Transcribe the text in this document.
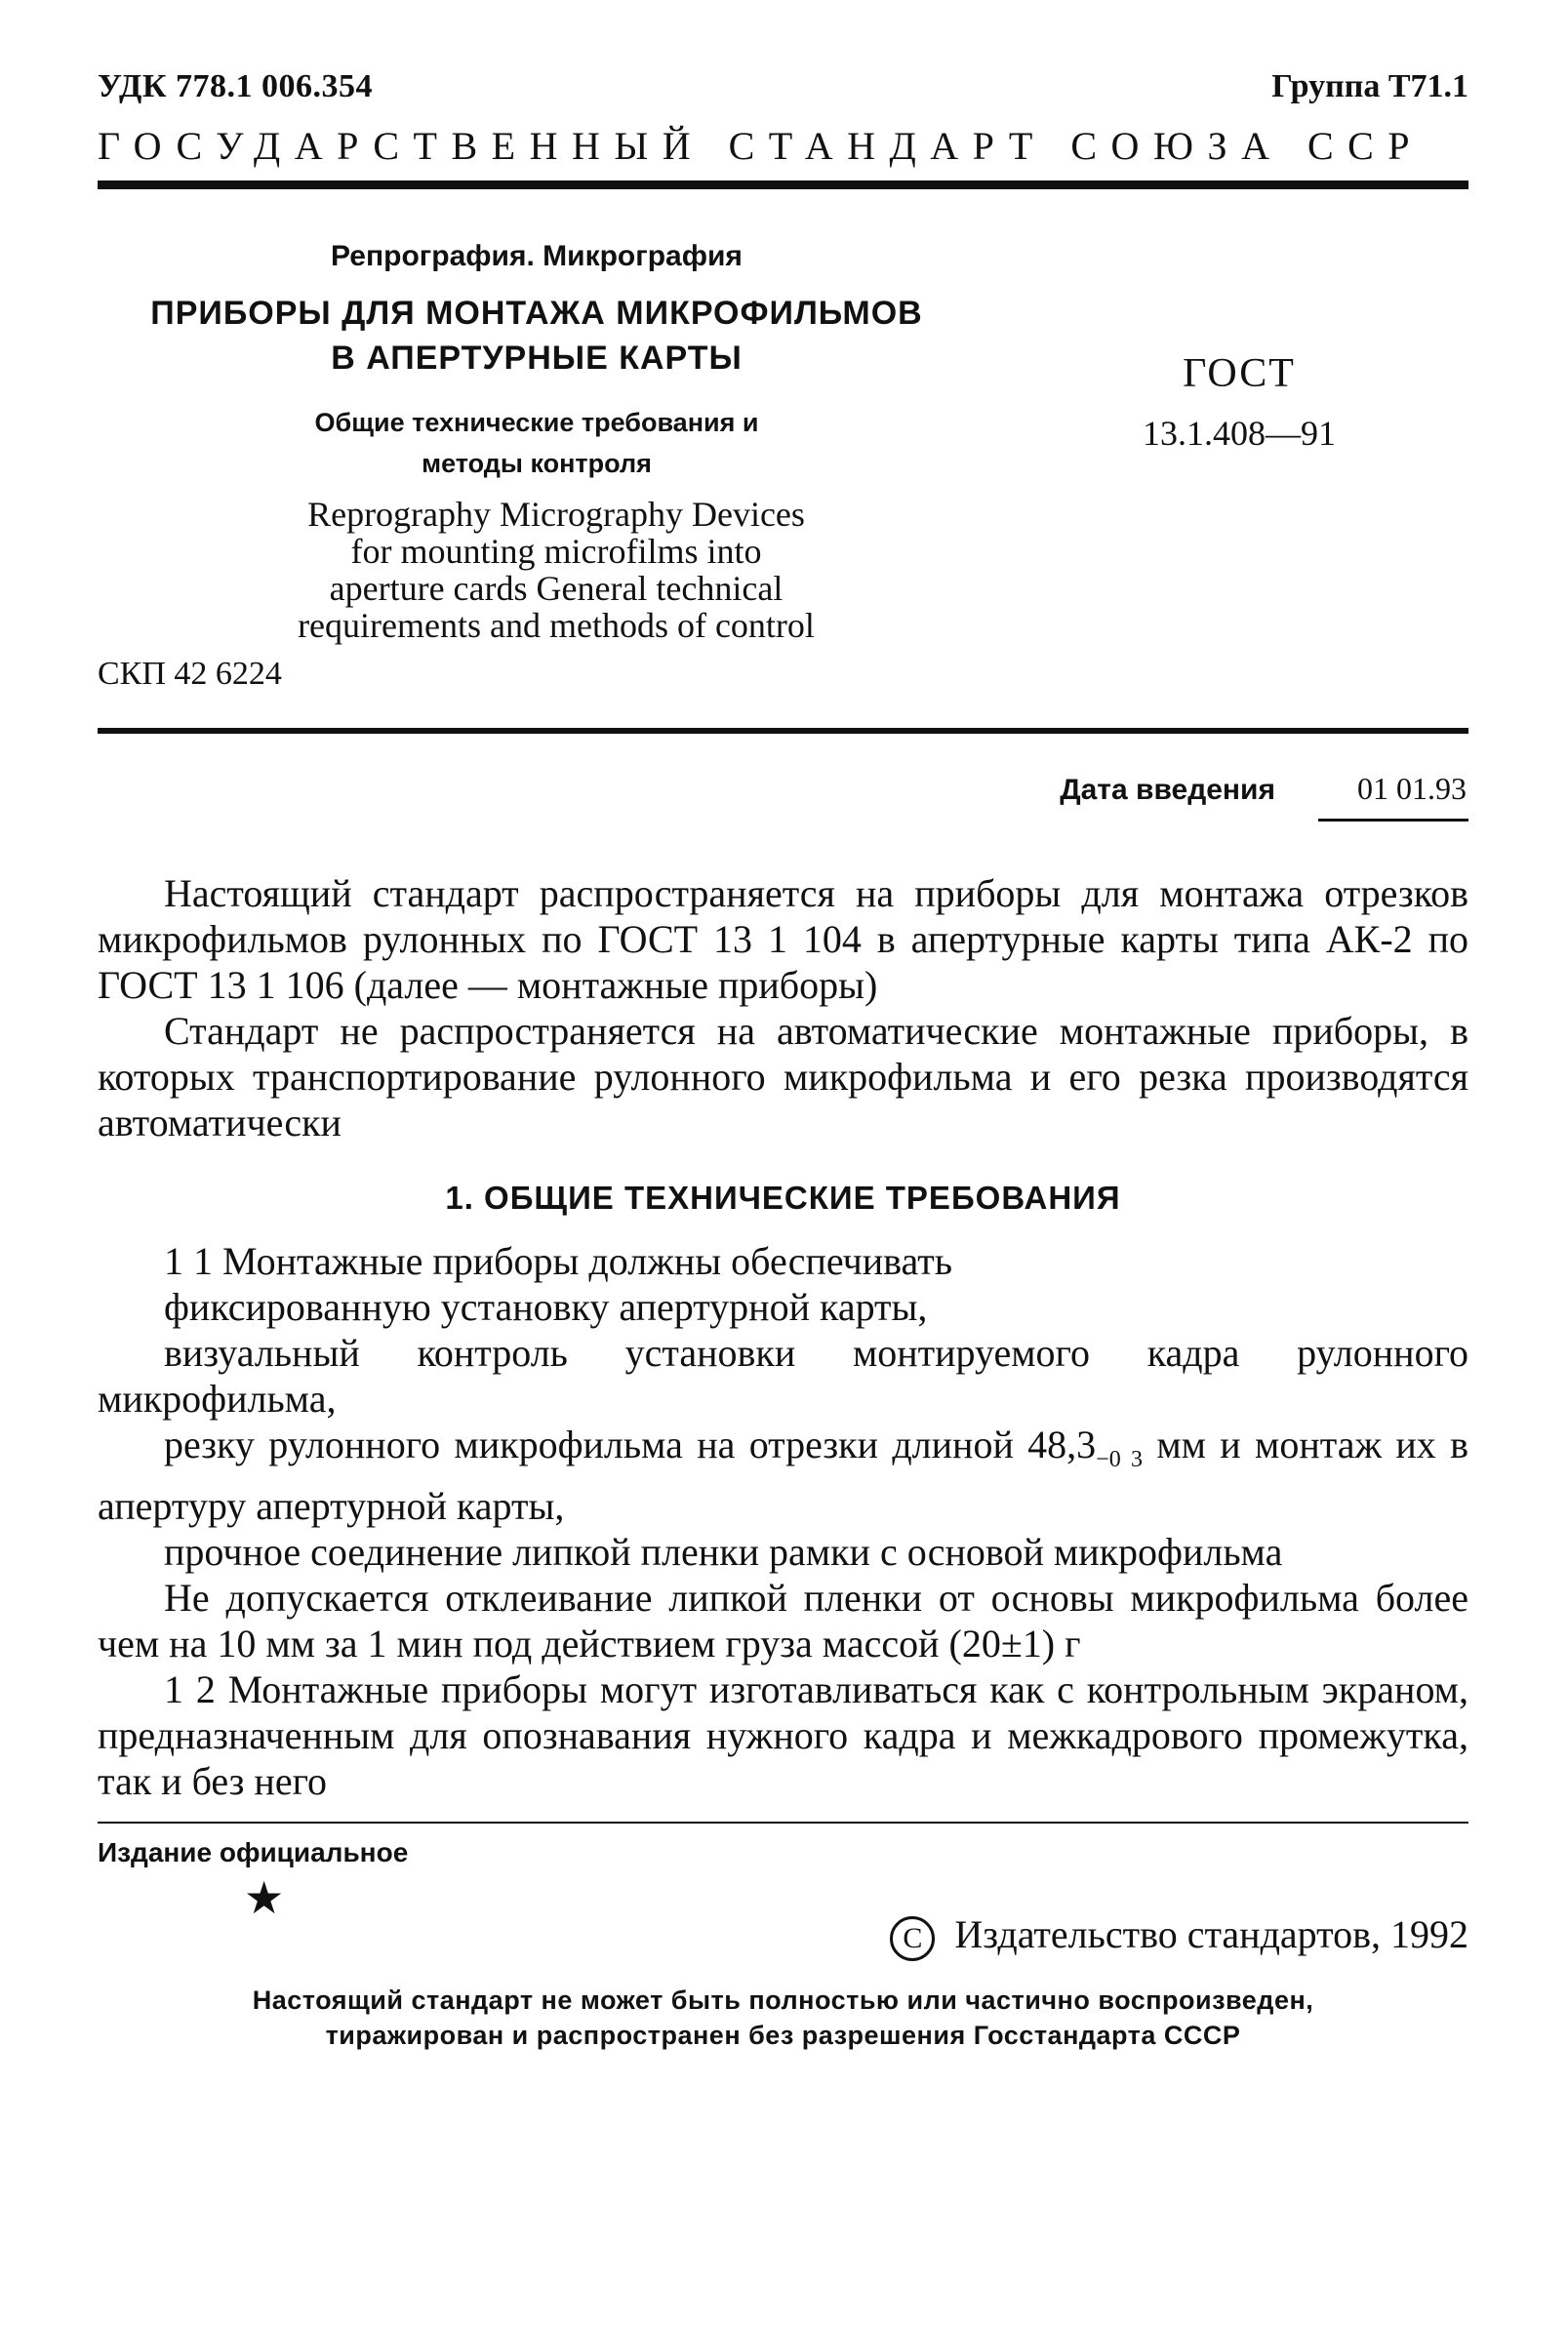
УДК 778.1 006.354	Группа Т71.1
ГОСУДАРСТВЕННЫЙ СТАНДАРТ СОЮЗА ССР
Репрография. Микрография
ПРИБОРЫ ДЛЯ МОНТАЖА МИКРОФИЛЬМОВ
В АПЕРТУРНЫЕ КАРТЫ
Общие технические требования и
методы контроля
Reprography Micrography Devices
for mounting microfilms into
aperture cards General technical
requirements and methods of control
СКП 42 6224
ГОСТ
13.1.408—91
Дата введения	01 01.93

Настоящий стандарт распространяется на приборы для монтажа отрезков микрофильмов рулонных по ГОСТ 13 1 104 в апертурные карты типа АК-2 по ГОСТ 13 1 106 (далее — монтажные приборы)

Стандарт не распространяется на автоматические монтажные приборы, в которых транспортирование рулонного микрофильма и его резка производятся автоматически

1. ОБЩИЕ ТЕХНИЧЕСКИЕ ТРЕБОВАНИЯ

1 1 Монтажные приборы должны обеспечивать

фиксированную установку апертурной карты,

визуальный контроль установки монтируемого кадра рулонного микрофильма,

резку рулонного микрофильма на отрезки длиной $48,3_{-0 3}$ мм и монтаж их в апертуру апертурной карты,

прочное соединение липкой пленки рамки с основой микрофильма

Не допускается отклеивание липкой пленки от основы микрофильма более чем на 10 мм за 1 мин под действием груза массой (20±1) г

1 2 Монтажные приборы могут изготавливаться как с контрольным экраном, предназначенным для опознавания нужного кадра и межкадрового промежутка, так и без него

Издание официальное
★
C Издательство стандартов, 1992
Настоящий стандарт не может быть полностью или частично воспроизведен,
тиражирован и распространен без разрешения Госстандарта СССР
